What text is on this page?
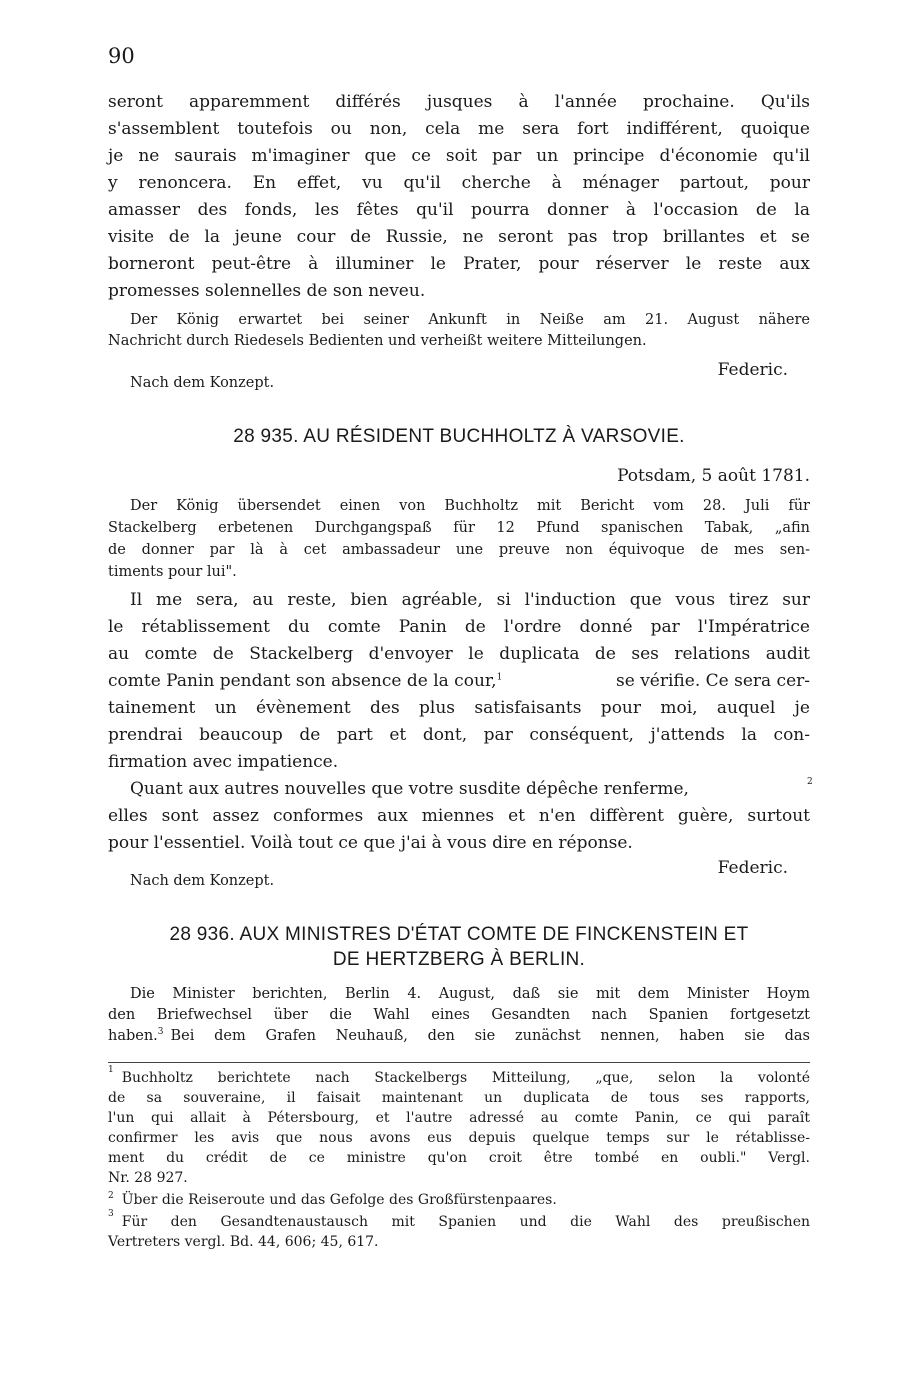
90
seront apparemment différés jusques à l'année prochaine. Qu'ils
s'assemblent toutefois ou non, cela me sera fort indifférent, quoique
je ne saurais m'imaginer que ce soit par un principe d'économie qu'il
y renoncera. En effet, vu qu'il cherche à ménager partout, pour
amasser des fonds, les fêtes qu'il pourra donner à l'occasion de la
visite de la jeune cour de Russie, ne seront pas trop brillantes et se
borneront peut-être à illuminer le Prater, pour réserver le reste aux
promesses solennelles de son neveu.
Der König erwartet bei seiner Ankunft in Neiße am 21. August nähere
Nachricht durch Riedesels Bedienten und verheißt weitere Mitteilungen.
Federic.
Nach dem Konzept.
28 935. AU RÉSIDENT BUCHHOLTZ À VARSOVIE.
Potsdam, 5 août 1781.
Der König übersendet einen von Buchholtz mit Bericht vom 28. Juli für
Stackelberg erbetenen Durchgangspaß für 12 Pfund spanischen Tabak, „afin
de donner par là à cet ambassadeur une preuve non équivoque de mes sen-
timents pour lui".
Il me sera, au reste, bien agréable, si l'induction que vous tirez sur
le rétablissement du comte Panin de l'ordre donné par l'Impératrice
au comte de Stackelberg d'envoyer le duplicata de ses relations audit
comte Panin pendant son absence de la cour,$^1$	se vérifie. Ce sera cer-
tainement un évènement des plus satisfaisants pour moi, auquel je
prendrai beaucoup de part et dont, par conséquent, j'attends la con-
firmation avec impatience.
Quant aux autres nouvelles que votre susdite dépêche renferme,	2
elles sont assez conformes aux miennes et n'en diffèrent guère, surtout
pour l'essentiel. Voilà tout ce que j'ai à vous dire en réponse.
Federic.
Nach dem Konzept.
28 936. AUX MINISTRES D'ÉTAT COMTE DE FINCKENSTEIN ET
DE HERTZBERG À BERLIN.
Die Minister berichten, Berlin 4. August, daß sie mit dem Minister Hoym
den Briefwechsel über die Wahl eines Gesandten nach Spanien fortgesetzt
haben.$^3$ Bei dem Grafen Neuhauß, den sie zunächst nennen, haben sie das
1 Buchholtz berichtete nach Stackelbergs Mitteilung, „que, selon la volonté
de sa souveraine, il faisait maintenant un duplicata de tous ses rapports,
l'un qui allait à Pétersbourg, et l'autre adressé au comte Panin, ce qui paraît
confirmer les avis que nous avons eus depuis quelque temps sur le rétablisse-
ment du crédit de ce ministre qu'on croit être tombé en oubli." Vergl.
Nr. 28 927.
$^2$ Über die Reiseroute und das Gefolge des Großfürstenpaares.
3 Für den Gesandtenaustausch mit Spanien und die Wahl des preußischen
Vertreters vergl. Bd. 44, 606; 45, 617.
